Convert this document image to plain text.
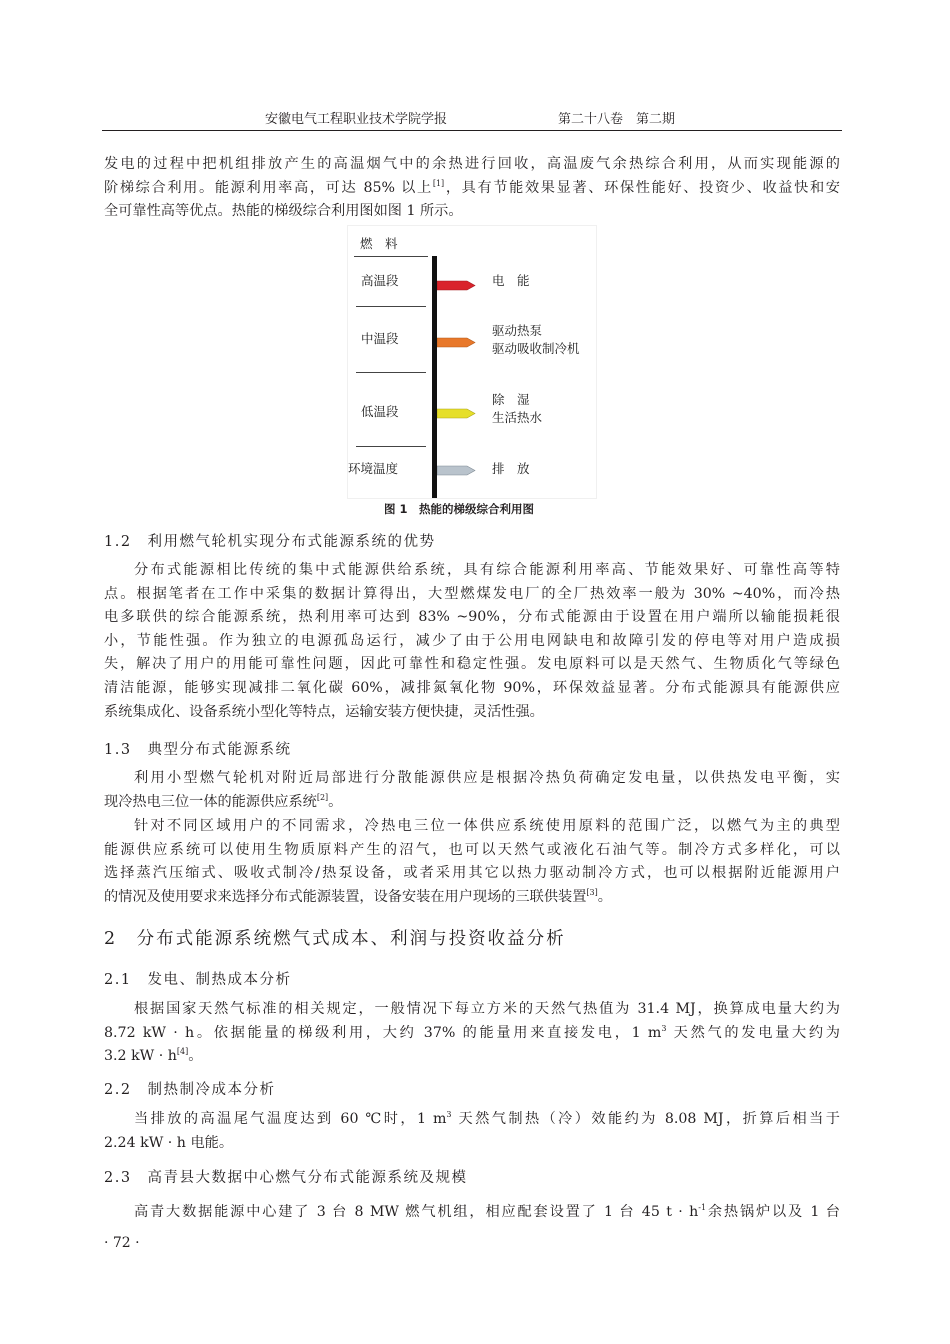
安徽电气工程职业技术学院学报	第二十八卷　第二期
发电的过程中把机组排放产生的高温烟气中的余热进行回收，高温废气余热综合利用，从而实现能源的
阶梯综合利用。能源利用率高，可达 85% 以上[1]，具有节能效果显著、环保性能好、投资少、收益快和安
全可靠性高等优点。热能的梯级综合利用图如图 1 所示。
燃　料
高温段
中温段
低温段
环境温度
电　能
驱动热泵
驱动吸收制冷机
除　湿
生活热水
排　放
图 1　热能的梯级综合利用图
1.2　利用燃气轮机实现分布式能源系统的优势
分布式能源相比传统的集中式能源供给系统，具有综合能源利用率高、节能效果好、可靠性高等特
点。根据笔者在工作中采集的数据计算得出，大型燃煤发电厂的全厂热效率一般为 30% ~40%，而冷热
电多联供的综合能源系统，热利用率可达到 83% ~90%，分布式能源由于设置在用户端所以输能损耗很
小，节能性强。作为独立的电源孤岛运行，减少了由于公用电网缺电和故障引发的停电等对用户造成损
失，解决了用户的用能可靠性问题，因此可靠性和稳定性强。发电原料可以是天然气、生物质化气等绿色
清洁能源，能够实现减排二氧化碳 60%，减排氮氧化物 90%，环保效益显著。分布式能源具有能源供应
系统集成化、设备系统小型化等特点，运输安装方便快捷，灵活性强。
1.3　典型分布式能源系统
利用小型燃气轮机对附近局部进行分散能源供应是根据冷热负荷确定发电量，以供热发电平衡，实
现冷热电三位一体的能源供应系统[2]。
针对不同区域用户的不同需求，冷热电三位一体供应系统使用原料的范围广泛，以燃气为主的典型
能源供应系统可以使用生物质原料产生的沼气，也可以天然气或液化石油气等。制冷方式多样化，可以
选择蒸汽压缩式、吸收式制冷/热泵设备，或者采用其它以热力驱动制冷方式，也可以根据附近能源用户
的情况及使用要求来选择分布式能源装置，设备安装在用户现场的三联供装置[3]。
2　分布式能源系统燃气式成本、利润与投资收益分析
2.1　发电、制热成本分析
根据国家天然气标准的相关规定，一般情况下每立方米的天然气热值为 31.4 MJ，换算成电量大约为
8.72 kW · h。依据能量的梯级利用，大约 37% 的能量用来直接发电，1 $m^3$ 天然气的发电量大约为
3.2 kW · h[4]。
2.2　制热制冷成本分析
当排放的高温尾气温度达到 60 ℃时，1 $m^3$ 天然气制热（冷）效能约为 8.08 MJ，折算后相当于
2.24 kW · h 电能。
2.3　高青县大数据中心燃气分布式能源系统及规模
高青大数据能源中心建了 3 台 8 MW 燃气机组，相应配套设置了 1 台 45 $t \cdot h^{-1}$余热锅炉以及 1 台
· 72 ·
